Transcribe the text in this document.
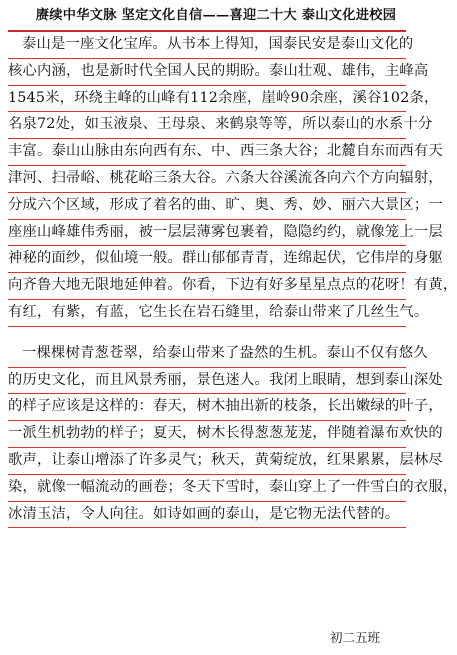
赓续中华文脉 坚定文化自信——喜迎二十大 泰山文化进校园
泰山是一座文化宝库。从书本上得知，国泰民安是泰山文化的
核心内涵，也是新时代全国人民的期盼。泰山壮观、雄伟，主峰高
1545米，环绕主峰的山峰有112余座，崖岭90余座，溪谷102条，
名泉72处，如玉液泉、王母泉、来鹤泉等等，所以泰山的水系十分
丰富。泰山山脉由东向西有东、中、西三条大谷；北麓自东而西有天
津河、扫帚峪、桃花峪三条大谷。六条大谷溪流各向六个方向辐射，
分成六个区域，形成了着名的曲、旷、奥、秀、妙、丽六大景区；一
座座山峰雄伟秀丽，被一层层薄雾包裹着，隐隐约约，就像笼上一层
神秘的面纱，似仙境一般。群山郁郁青青，连绵起伏，它伟岸的身躯
向齐鲁大地无限地延伸着。你看，下边有好多星星点点的花呀！有黄，
有红，有紫，有蓝，它生长在岩石缝里，给泰山带来了几丝生气。
一棵棵树青葱苍翠，给泰山带来了盎然的生机。泰山不仅有悠久
的历史文化，而且风景秀丽，景色迷人。我闭上眼睛，想到泰山深处
的样子应该是这样的：春天，树木抽出新的枝条，长出嫩绿的叶子，
一派生机勃勃的样子；夏天，树木长得葱葱茏茏，伴随着瀑布欢快的
歌声，让泰山增添了许多灵气；秋天，黄菊绽放，红果累累，层林尽
染，就像一幅流动的画卷；冬天下雪时，泰山穿上了一件雪白的衣服，
冰清玉洁，令人向往。如诗如画的泰山，是它物无法代替的。
初二五班
